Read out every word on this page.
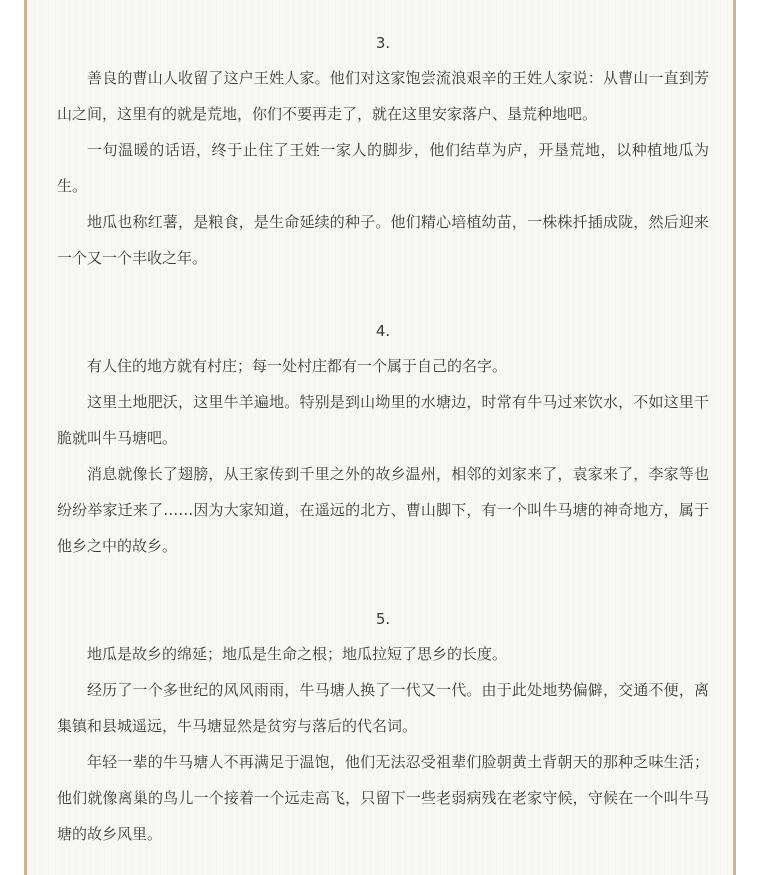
3.

善良的曹山人收留了这户王姓人家。他们对这家饱尝流浪艰辛的王姓人家说：从曹山一直到芳山之间，这里有的就是荒地，你们不要再走了，就在这里安家落户、垦荒种地吧。

一句温暖的话语，终于止住了王姓一家人的脚步，他们结草为庐，开垦荒地，以种植地瓜为生。

地瓜也称红薯，是粮食，是生命延续的种子。他们精心培植幼苗，一株株扦插成陇，然后迎来一个又一个丰收之年。

4.

有人住的地方就有村庄；每一处村庄都有一个属于自己的名字。

这里土地肥沃，这里牛羊遍地。特别是到山坳里的水塘边，时常有牛马过来饮水，不如这里干脆就叫牛马塘吧。

消息就像长了翅膀，从王家传到千里之外的故乡温州，相邻的刘家来了，袁家来了，李家等也纷纷举家迁来了……因为大家知道，在遥远的北方、曹山脚下，有一个叫牛马塘的神奇地方，属于他乡之中的故乡。

5.

地瓜是故乡的绵延；地瓜是生命之根；地瓜拉短了思乡的长度。

经历了一个多世纪的风风雨雨，牛马塘人换了一代又一代。由于此处地势偏僻，交通不便，离集镇和县城遥远，牛马塘显然是贫穷与落后的代名词。

年轻一辈的牛马塘人不再满足于温饱，他们无法忍受祖辈们脸朝黄土背朝天的那种乏味生活；他们就像离巢的鸟儿一个接着一个远走高飞，只留下一些老弱病残在老家守候，守候在一个叫牛马塘的故乡风里。
